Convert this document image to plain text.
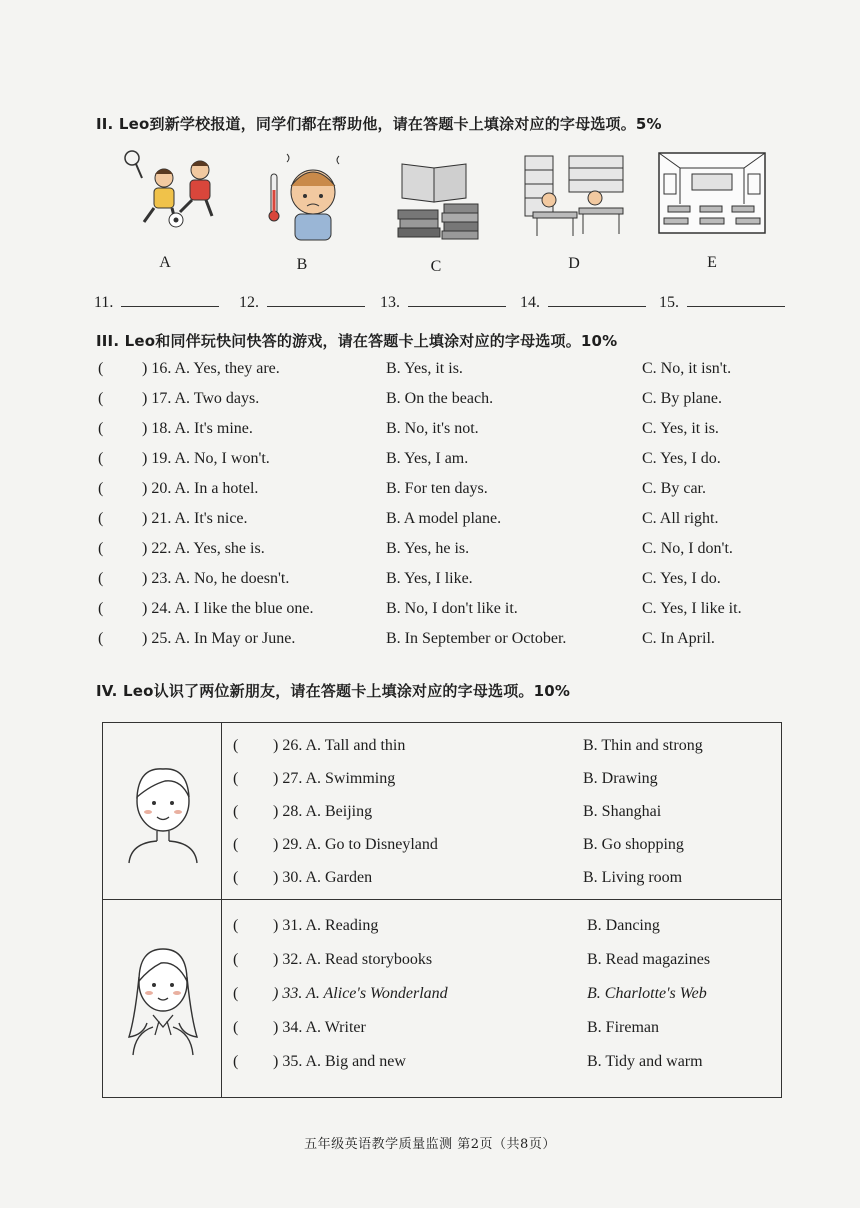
II. Leo到新学校报道，同学们都在帮助他，请在答题卡上填涂对应的字母选项。5%
A	B	C	D	E
11.	12.	13.	14.	15.
III. Leo和同伴玩快问快答的游戏，请在答题卡上填涂对应的字母选项。10%
( ) 16. A. Yes, they are.	B. Yes, it is.	C. No, it isn't.
( ) 17. A. Two days.	B. On the beach.	C. By plane.
( ) 18. A. It's mine.	B. No, it's not.	C. Yes, it is.
( ) 19. A. No, I won't.	B. Yes, I am.	C. Yes, I do.
( ) 20. A. In a hotel.	B. For ten days.	C. By car.
( ) 21. A. It's nice.	B. A model plane.	C. All right.
( ) 22. A. Yes, she is.	B. Yes, he is.	C. No, I don't.
( ) 23. A. No, he doesn't.	B. Yes, I like.	C. Yes, I do.
( ) 24. A. I like the blue one.	B. No, I don't like it.	C. Yes, I like it.
( ) 25. A. In May or June.	B. In September or October.	C. In April.
IV. Leo认识了两位新朋友，请在答题卡上填涂对应的字母选项。10%
( ) 26. A. Tall and thin	B. Thin and strong
( ) 27. A. Swimming	B. Drawing
( ) 28. A. Beijing	B. Shanghai
( ) 29. A. Go to Disneyland	B. Go shopping
( ) 30. A. Garden	B. Living room
( ) 31. A. Reading	B. Dancing
( ) 32. A. Read storybooks	B. Read magazines
( ) 33. A. Alice's Wonderland	B. Charlotte's Web
( ) 34. A. Writer	B. Fireman
( ) 35. A. Big and new	B. Tidy and warm
五年级英语教学质量监测 第2页（共8页）
